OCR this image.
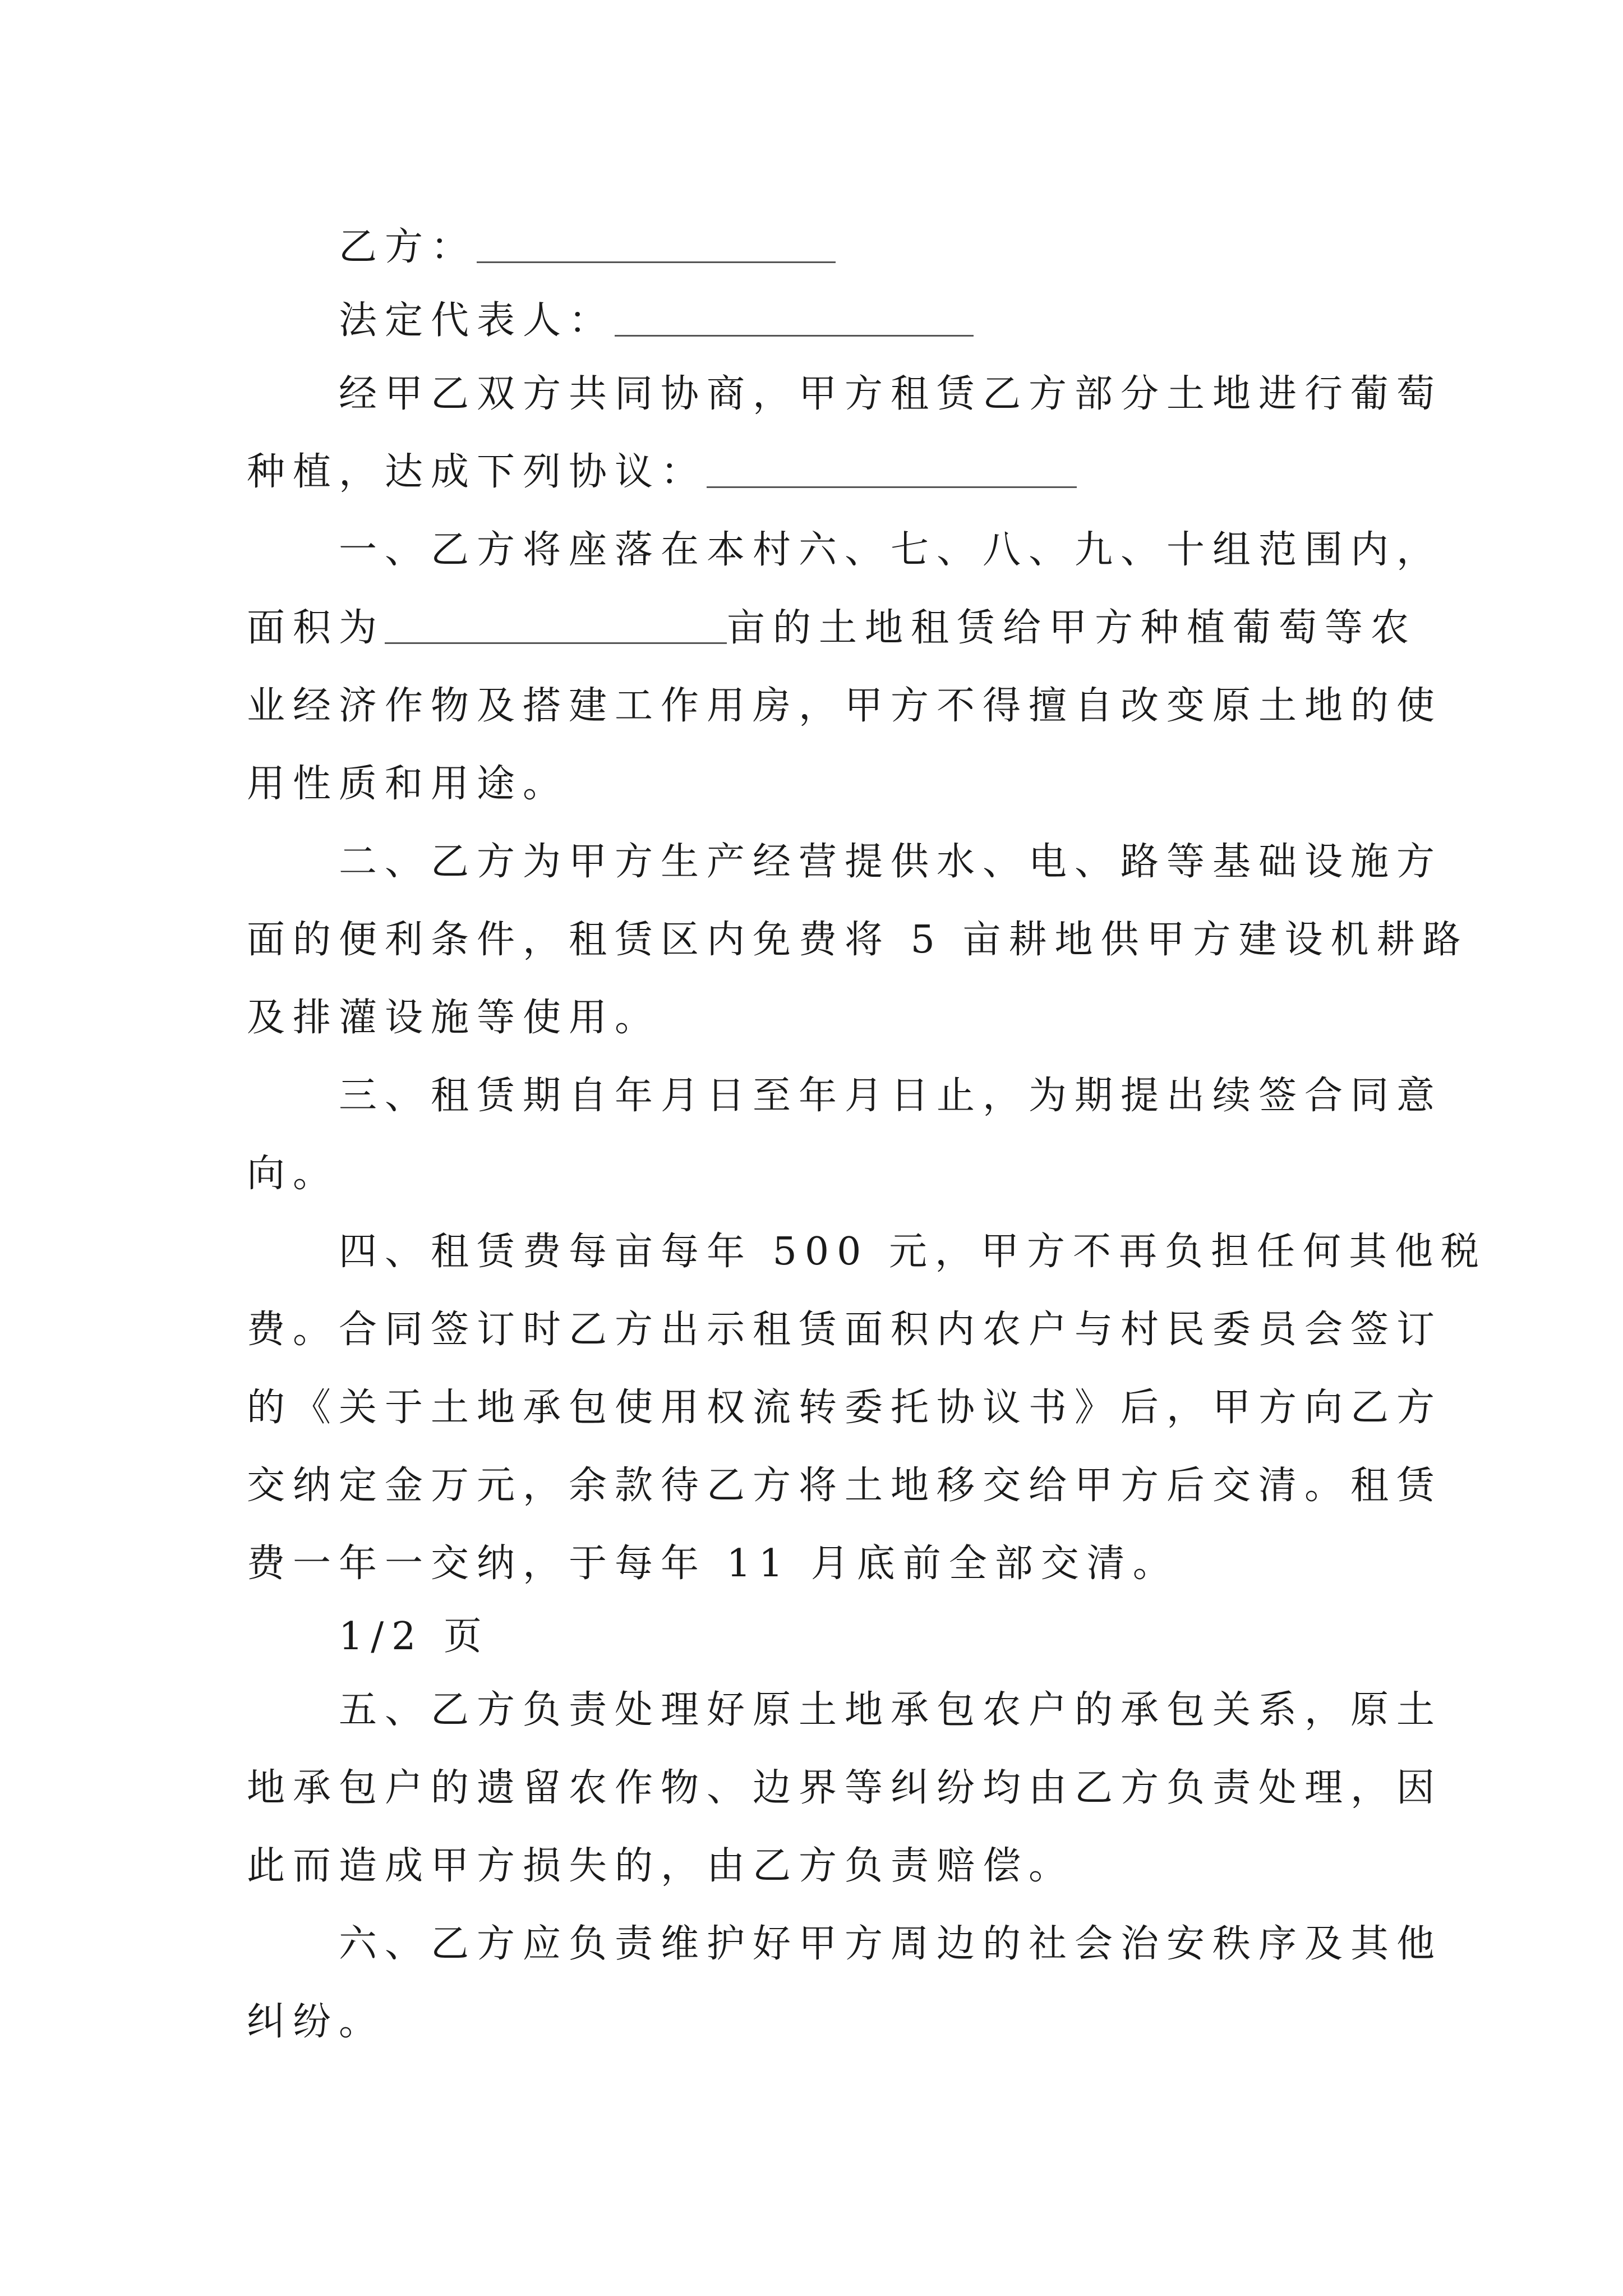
乙方：
法定代表人：
经甲乙双方共同协商，甲方租赁乙方部分土地进行葡萄
种植，达成下列协议：
一、乙方将座落在本村六、七、八、九、十组范围内，
面积为	亩的土地租赁给甲方种植葡萄等农
业经济作物及搭建工作用房，甲方不得擅自改变原土地的使
用性质和用途。
二、乙方为甲方生产经营提供水、电、路等基础设施方
面的便利条件，租赁区内免费将 5 亩耕地供甲方建设机耕路
及排灌设施等使用。
三、租赁期自年月日至年月日止，为期提出续签合同意
向。
四、租赁费每亩每年 500 元，甲方不再负担任何其他税
费。合同签订时乙方出示租赁面积内农户与村民委员会签订
的《关于土地承包使用权流转委托协议书》后，甲方向乙方
交纳定金万元，余款待乙方将土地移交给甲方后交清。租赁
费一年一交纳，于每年 11 月底前全部交清。
1/2 页
五、乙方负责处理好原土地承包农户的承包关系，原土
地承包户的遗留农作物、边界等纠纷均由乙方负责处理，因
此而造成甲方损失的，由乙方负责赔偿。
六、乙方应负责维护好甲方周边的社会治安秩序及其他
纠纷。
